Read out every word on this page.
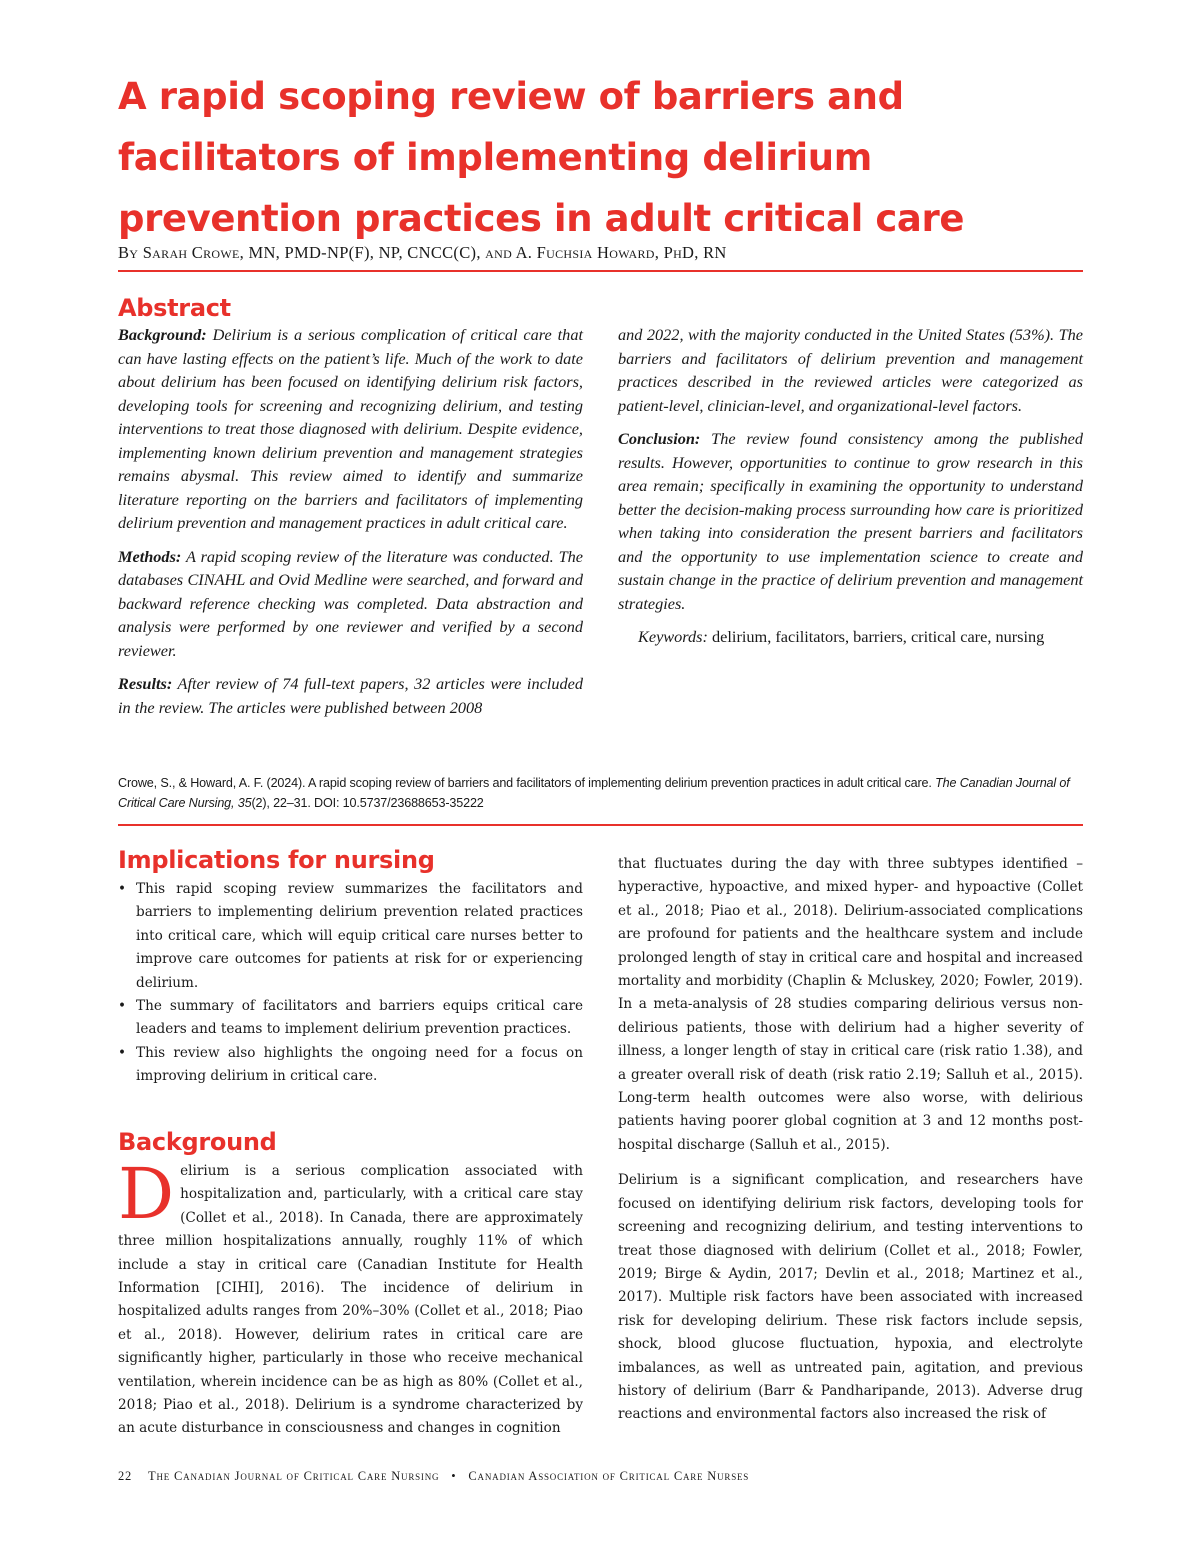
A rapid scoping review of barriers and facilitators of implementing delirium prevention practices in adult critical care
By Sarah Crowe, MN, PMD-NP(F), NP, CNCC(C), and A. Fuchsia Howard, PhD, RN
Abstract

Background: Delirium is a serious complication of critical care that can have lasting effects on the patient’s life. Much of the work to date about delirium has been focused on identifying delirium risk factors, developing tools for screening and recognizing delirium, and testing interventions to treat those diagnosed with delirium. Despite evidence, implementing known delirium prevention and management strategies remains abysmal. This review aimed to identify and summarize literature reporting on the barriers and facilitators of implementing delirium prevention and management practices in adult critical care.

Methods: A rapid scoping review of the literature was conducted. The databases CINAHL and Ovid Medline were searched, and forward and backward reference checking was completed. Data abstraction and analysis were performed by one reviewer and verified by a second reviewer.

Results: After review of 74 full-text papers, 32 articles were included in the review. The articles were published between 2008

and 2022, with the majority conducted in the United States (53%). The barriers and facilitators of delirium prevention and management practices described in the reviewed articles were categorized as patient-level, clinician-level, and organizational-level factors.

Conclusion: The review found consistency among the published results. However, opportunities to continue to grow research in this area remain; specifically in examining the opportunity to understand better the decision-making process surrounding how care is prioritized when taking into consideration the present barriers and facilitators and the opportunity to use implementation science to create and sustain change in the practice of delirium prevention and management strategies.

Keywords: delirium, facilitators, barriers, critical care, nursing

Crowe, S., & Howard, A. F. (2024). A rapid scoping review of barriers and facilitators of implementing delirium prevention practices in adult critical care. The Canadian Journal of Critical Care Nursing, 35(2), 22–31. DOI: 10.5737/23688653-35222
Implications for nursing
• This rapid scoping review summarizes the facilitators and barriers to implementing delirium prevention related practices into critical care, which will equip critical care nurses better to improve care outcomes for patients at risk for or experiencing delirium.
• The summary of facilitators and barriers equips critical care leaders and teams to implement delirium prevention practices.
• This review also highlights the ongoing need for a focus on improving delirium in critical care.
Background
Delirium is a serious complication associated with hospitalization and, particularly, with a critical care stay (Collet et al., 2018). In Canada, there are approximately three million hospitalizations annually, roughly 11% of which include a stay in critical care (Canadian Institute for Health Information [CIHI], 2016). The incidence of delirium in hospitalized adults ranges from 20%–30% (Collet et al., 2018; Piao et al., 2018). However, delirium rates in critical care are significantly higher, particularly in those who receive mechanical ventilation, wherein incidence can be as high as 80% (Collet et al., 2018; Piao et al., 2018). Delirium is a syndrome characterized by an acute disturbance in consciousness and changes in cognition

that fluctuates during the day with three subtypes identified – hyperactive, hypoactive, and mixed hyper- and hypoactive (Collet et al., 2018; Piao et al., 2018). Delirium-associated complications are profound for patients and the healthcare system and include prolonged length of stay in critical care and hospital and increased mortality and morbidity (Chaplin & Mcluskey, 2020; Fowler, 2019). In a meta-analysis of 28 studies comparing delirious versus non-delirious patients, those with delirium had a higher severity of illness, a longer length of stay in critical care (risk ratio 1.38), and a greater overall risk of death (risk ratio 2.19; Salluh et al., 2015). Long-term health outcomes were also worse, with delirious patients having poorer global cognition at 3 and 12 months post-hospital discharge (Salluh et al., 2015).

Delirium is a significant complication, and researchers have focused on identifying delirium risk factors, developing tools for screening and recognizing delirium, and testing interventions to treat those diagnosed with delirium (Collet et al., 2018; Fowler, 2019; Birge & Aydin, 2017; Devlin et al., 2018; Martinez et al., 2017). Multiple risk factors have been associated with increased risk for developing delirium. These risk factors include sepsis, shock, blood glucose fluctuation, hypoxia, and electrolyte imbalances, as well as untreated pain, agitation, and previous history of delirium (Barr & Pandharipande, 2013). Adverse drug reactions and environmental factors also increased the risk of

22 The Canadian Journal of Critical Care Nursing • Canadian Association of Critical Care Nurses
